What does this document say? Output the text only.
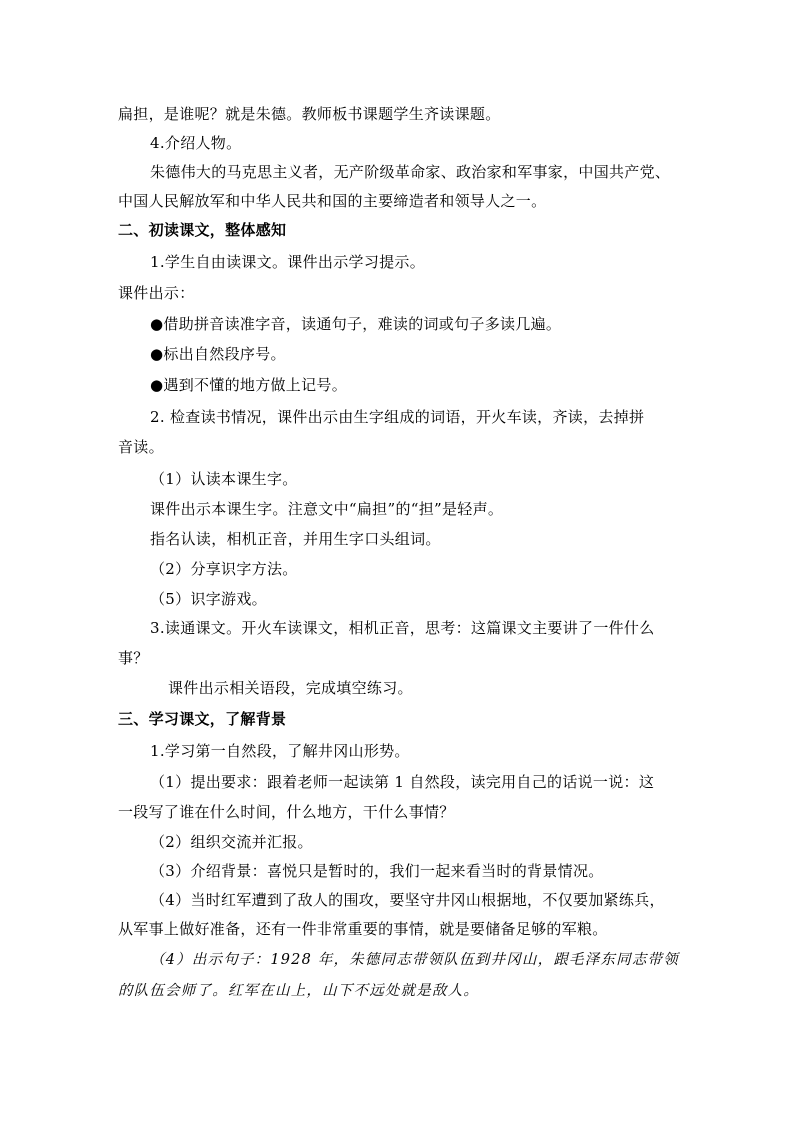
扁担，是谁呢？就是朱德。教师板书课题学生齐读课题。
4.介绍人物。
朱德伟大的马克思主义者，无产阶级革命家、政治家和军事家，中国共产党、
中国人民解放军和中华人民共和国的主要缔造者和领导人之一。
二、初读课文，整体感知
1.学生自由读课文。课件出示学习提示。
课件出示：
●借助拼音读准字音，读通句子，难读的词或句子多读几遍。
●标出自然段序号。
●遇到不懂的地方做上记号。
2. 检查读书情况，课件出示由生字组成的词语，开火车读，齐读，去掉拼
音读。
（1）认读本课生字。
课件出示本课生字。注意文中“扁担”的“担”是轻声。
指名认读，相机正音，并用生字口头组词。
（2）分享识字方法。
（5）识字游戏。
3.读通课文。开火车读课文，相机正音，思考：这篇课文主要讲了一件什么
事？
课件出示相关语段，完成填空练习。
三、学习课文，了解背景
1.学习第一自然段，了解井冈山形势。
（1）提出要求：跟着老师一起读第 1 自然段，读完用自己的话说一说：这
一段写了谁在什么时间，什么地方，干什么事情？
（2）组织交流并汇报。
（3）介绍背景：喜悦只是暂时的，我们一起来看当时的背景情况。
（4）当时红军遭到了敌人的围攻，要坚守井冈山根据地，不仅要加紧练兵，
从军事上做好准备，还有一件非常重要的事情，就是要储备足够的军粮。
（4）出示句子：1928 年，朱德同志带领队伍到井冈山，跟毛泽东同志带领
的队伍会师了。红军在山上，山下不远处就是敌人。
